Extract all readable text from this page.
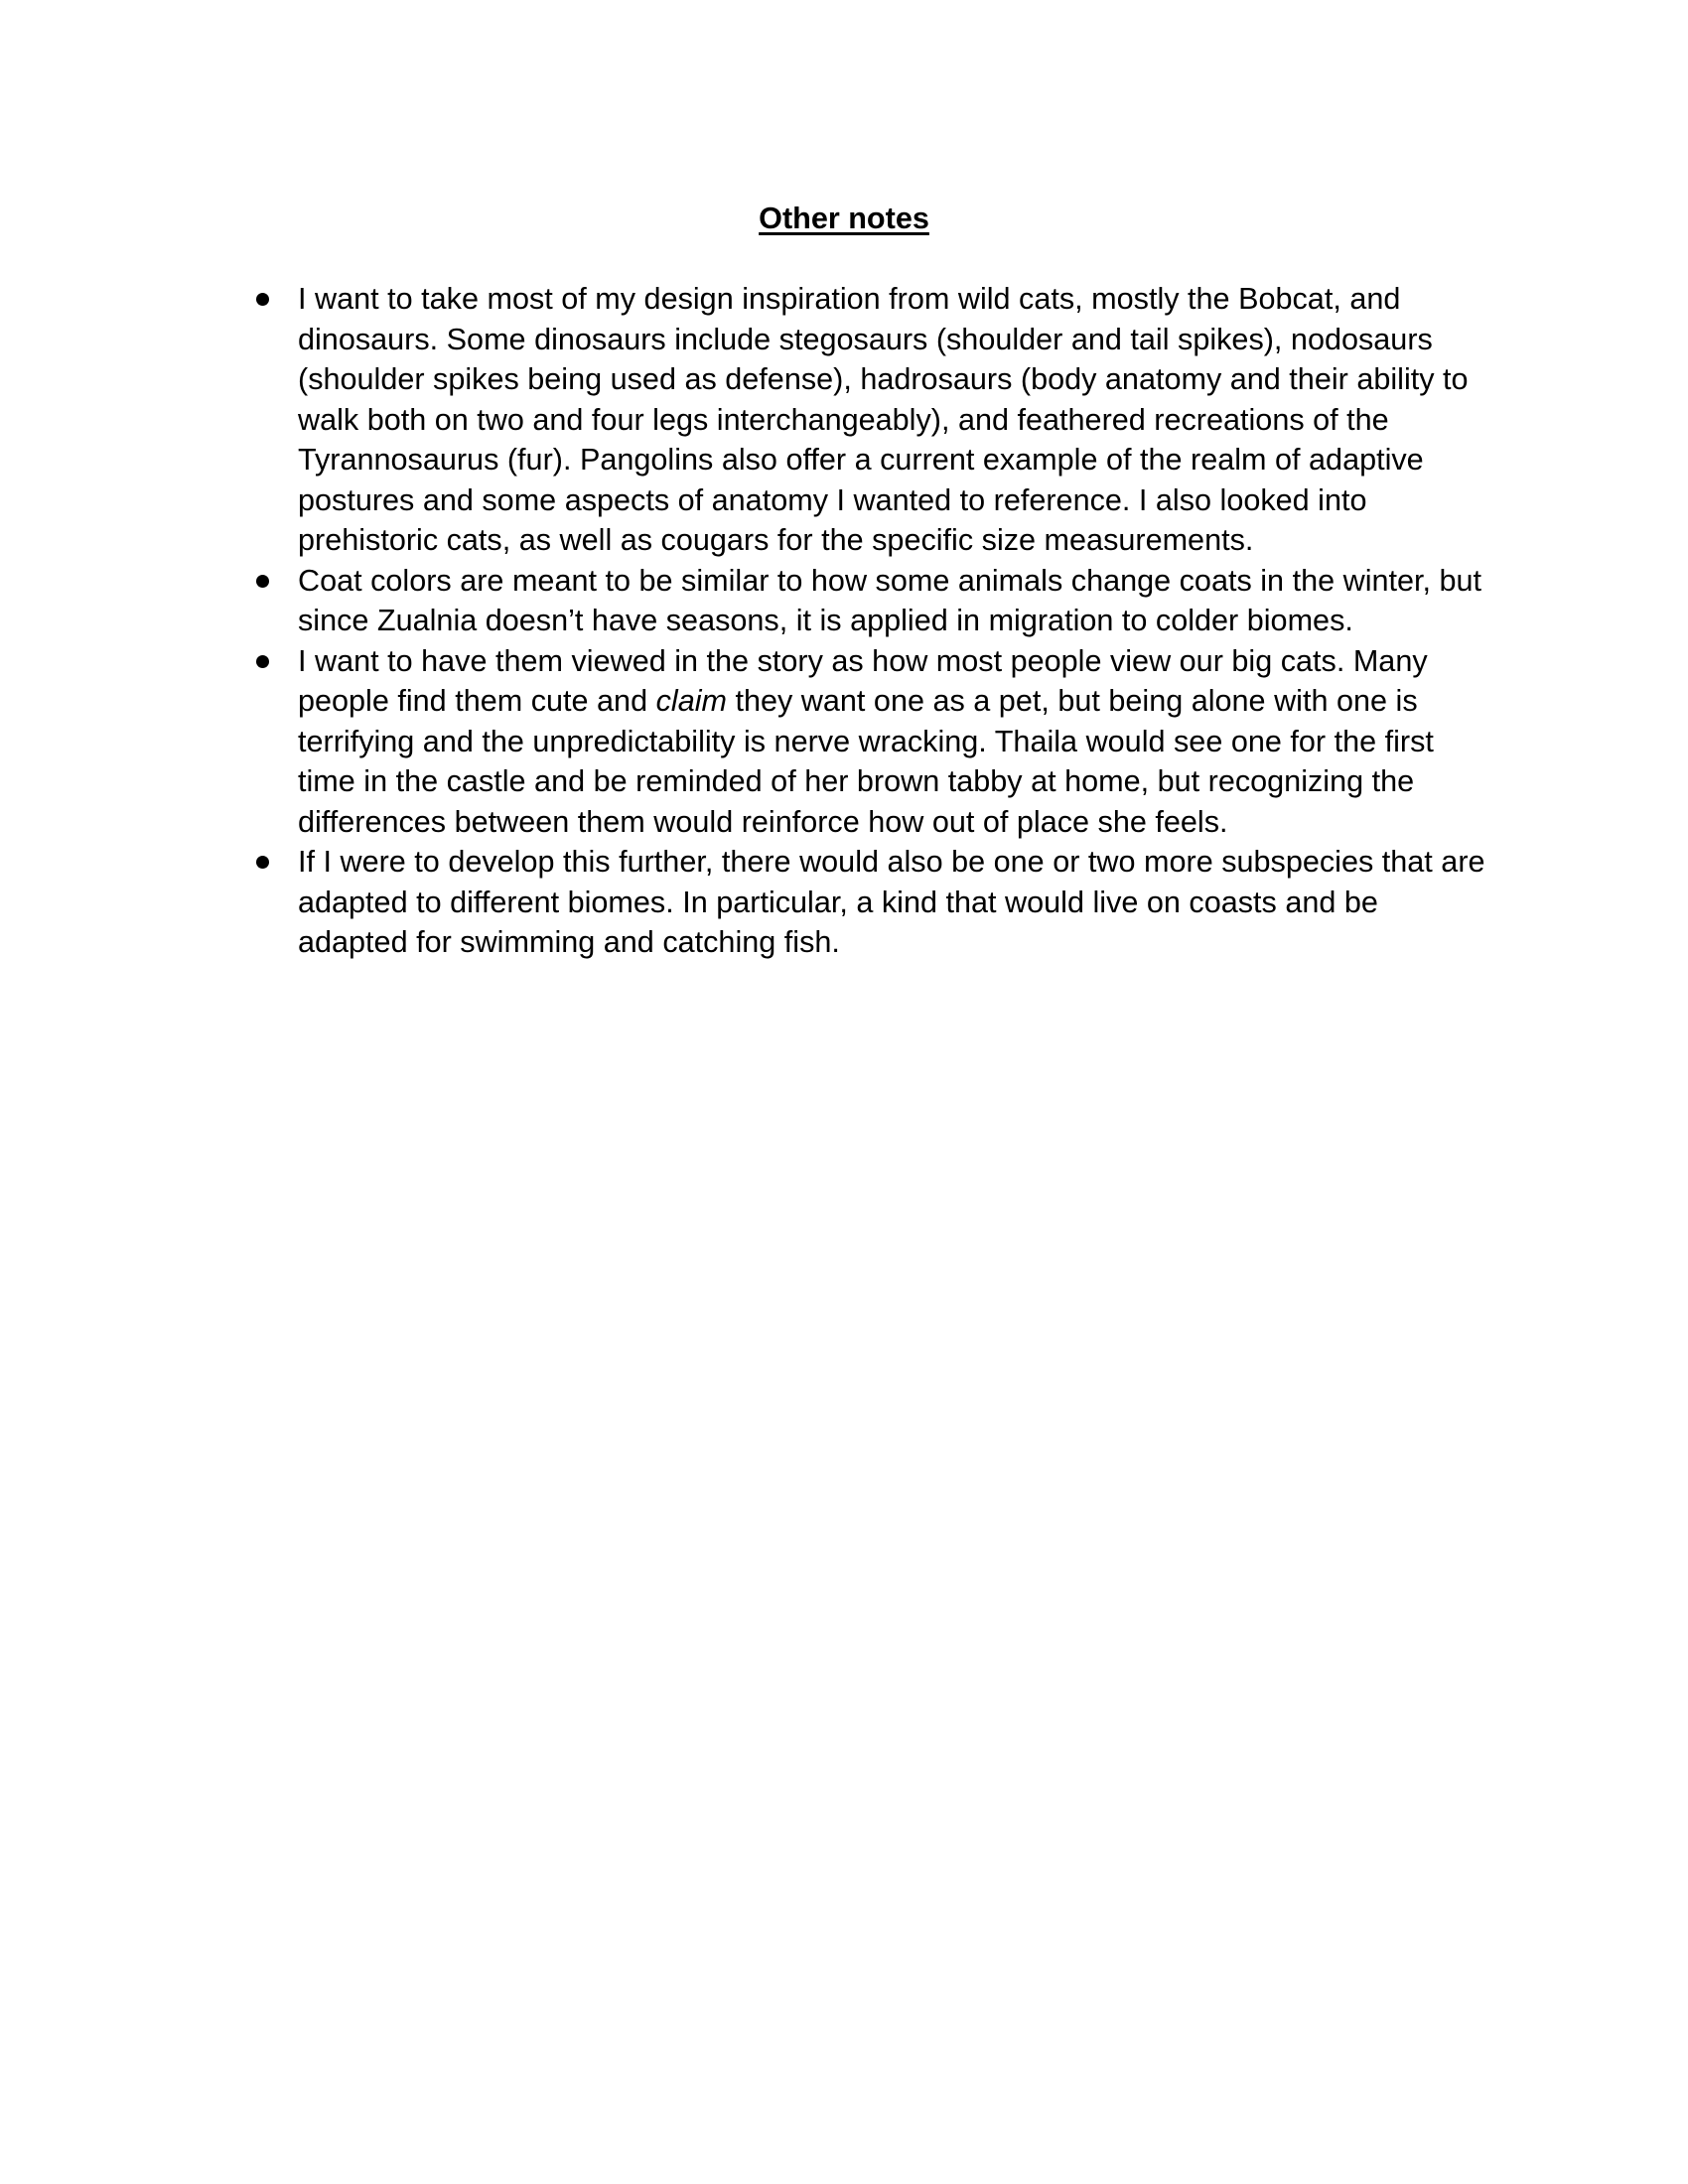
Other notes
I want to take most of my design inspiration from wild cats, mostly the Bobcat, and dinosaurs. Some dinosaurs include stegosaurs (shoulder and tail spikes), nodosaurs (shoulder spikes being used as defense), hadrosaurs (body anatomy and their ability to walk both on two and four legs interchangeably), and feathered recreations of the Tyrannosaurus (fur). Pangolins also offer a current example of the realm of adaptive postures and some aspects of anatomy I wanted to reference. I also looked into prehistoric cats, as well as cougars for the specific size measurements.
Coat colors are meant to be similar to how some animals change coats in the winter, but since Zualnia doesn’t have seasons, it is applied in migration to colder biomes.
I want to have them viewed in the story as how most people view our big cats. Many people find them cute and claim they want one as a pet, but being alone with one is terrifying and the unpredictability is nerve wracking. Thaila would see one for the first time in the castle and be reminded of her brown tabby at home, but recognizing the differences between them would reinforce how out of place she feels.
If I were to develop this further, there would also be one or two more subspecies that are adapted to different biomes. In particular, a kind that would live on coasts and be adapted for swimming and catching fish.
